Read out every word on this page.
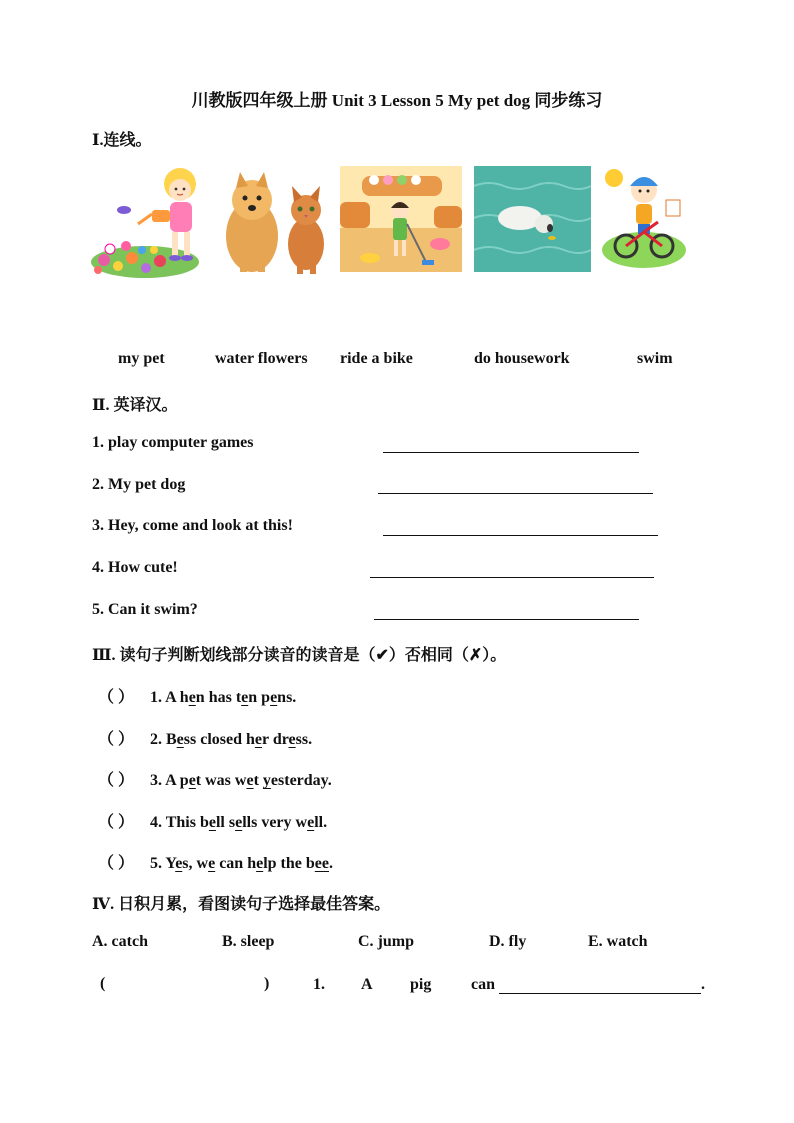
川教版四年级上册 Unit 3 Lesson 5 My pet dog 同步练习
Ⅰ.连线。
my pet	water flowers ride a bike	do housework	swim
Ⅱ. 英译汉。
1. play computer games
2. My pet dog
3. Hey, come and look at this!
4. How cute!
5. Can it swim?
Ⅲ. 读句子判断划线部分读音的读音是（✔）否相同（✗）。
（ ） 1. A hen has ten pens.
（ ） 2. Bess closed her dress.
（ ） 3. A pet was wet yesterday.
（ ） 4. This bell sells very well.
（ ） 5. Yes, we can help the bee.
Ⅳ. 日积月累，看图读句子选择最佳答案。
A. catch	B. sleep	C. jump	D. fly	E. watch
(	)	1. A pig can	.
